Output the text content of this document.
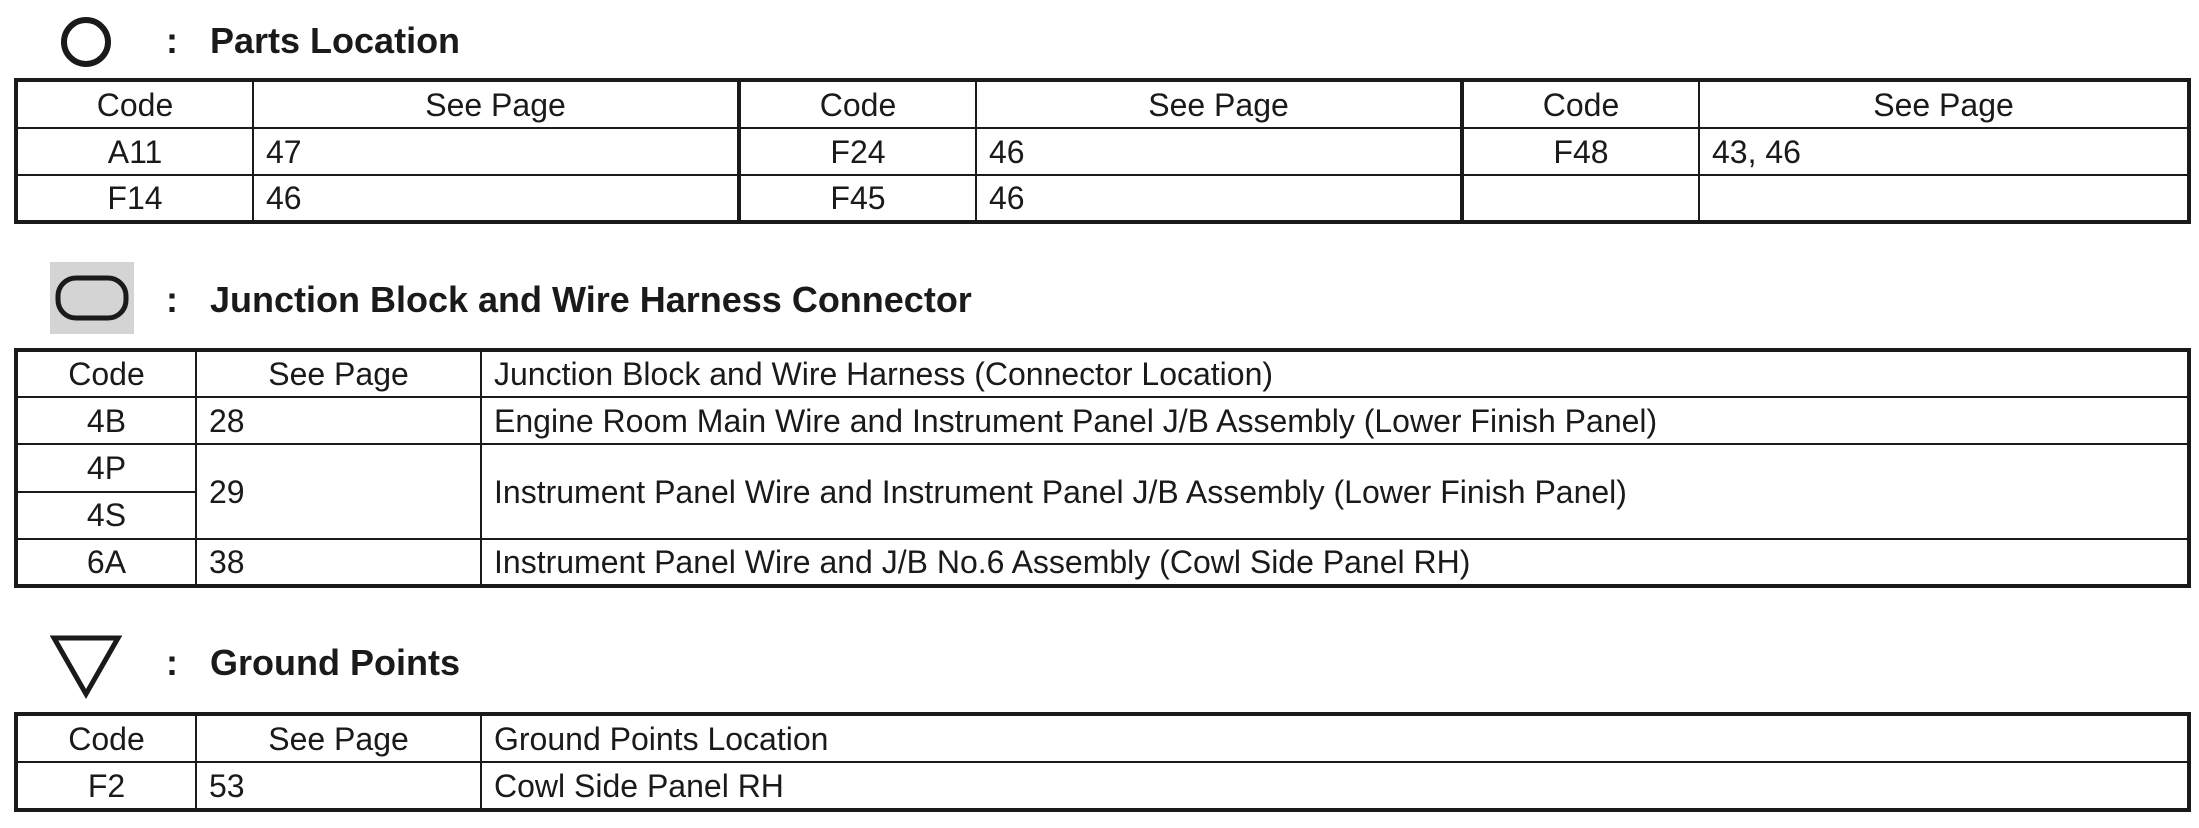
: Parts Location
Code	See Page	Code	See Page	Code	See Page
A11	47	F24	46	F48	43, 46
F14	46	F45	46		
: Junction Block and Wire Harness Connector
Code	See Page	Junction Block and Wire Harness (Connector Location)
4B	28	Engine Room Main Wire and Instrument Panel J/B Assembly (Lower Finish Panel)
4P	29	Instrument Panel Wire and Instrument Panel J/B Assembly (Lower Finish Panel)
4S		
6A	38	Instrument Panel Wire and J/B No.6 Assembly (Cowl Side Panel RH)
: Ground Points
Code	See Page	Ground Points Location
F2	53	Cowl Side Panel RH
